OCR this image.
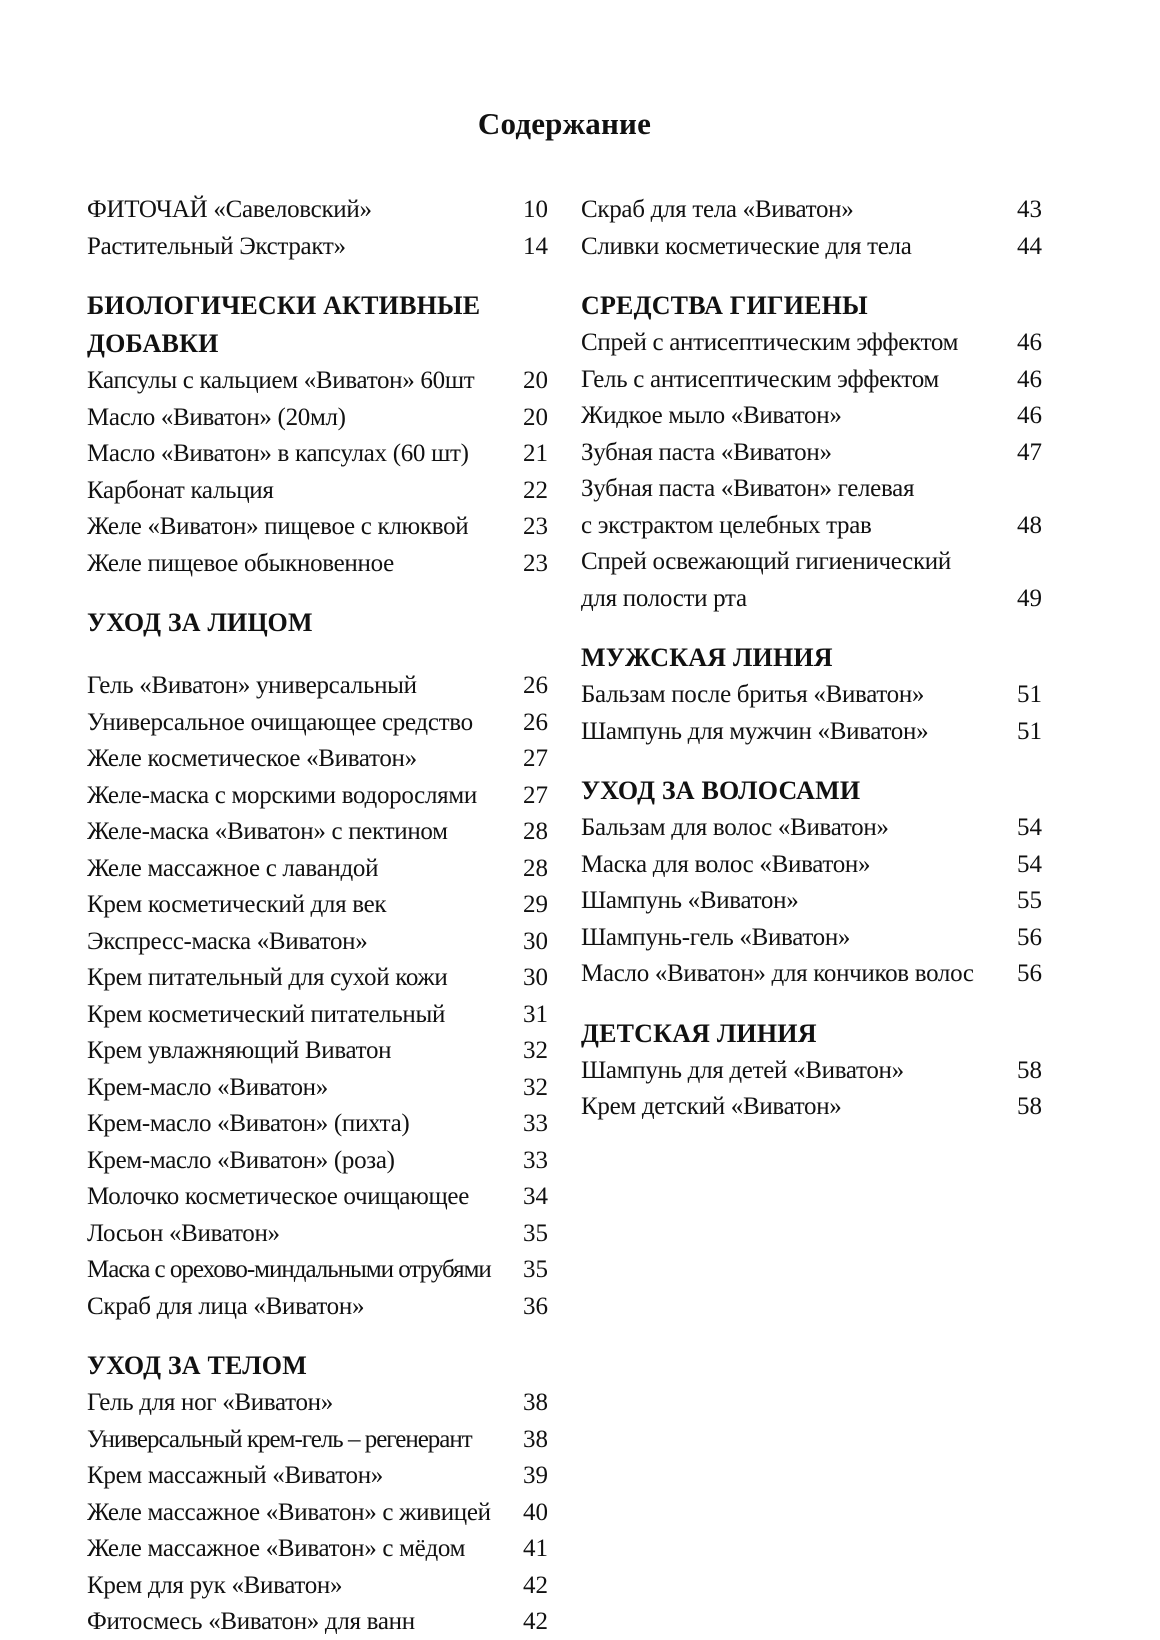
Содержание
ФИТОЧАЙ «Савеловский»	10
Растительный Экстракт»	14
БИОЛОГИЧЕСКИ АКТИВНЫЕ
ДОБАВКИ
Капсулы с кальцием «Виватон» 60шт	20
Масло «Виватон» (20мл)	20
Масло «Виватон» в капсулах (60 шт)	21
Карбонат кальция	22
Желе «Виватон» пищевое с клюквой	23
Желе пищевое обыкновенное	23
УХОД ЗА ЛИЦОМ
Гель «Виватон» универсальный	26
Универсальное очищающее средство	26
Желе косметическое «Виватон»	27
Желе-маска с морскими водорослями	27
Желе-маска «Виватон» с пектином	28
Желе массажное с лавандой	28
Крем косметический для век	29
Экспресс-маска «Виватон»	30
Крем питательный для сухой кожи	30
Крем косметический питательный	31
Крем увлажняющий Виватон	32
Крем-масло «Виватон»	32
Крем-масло «Виватон» (пихта)	33
Крем-масло «Виватон» (роза)	33
Молочко косметическое очищающее	34
Лосьон «Виватон»	35
Маска с орехово-миндальными отрубями	35
Скраб для лица «Виватон»	36
УХОД ЗА ТЕЛОМ
Гель для ног «Виватон»	38
Универсальный крем-гель – регенерант	38
Крем массажный «Виватон»	39
Желе массажное «Виватон» с живицей	40
Желе массажное «Виватон» с мёдом	41
Крем для рук «Виватон»	42
Фитосмесь «Виватон» для ванн	42
Скраб для тела «Виватон»	43
Сливки косметические для тела	44
СРЕДСТВА ГИГИЕНЫ
Спрей с антисептическим эффектом	46
Гель с антисептическим эффектом	46
Жидкое мыло «Виватон»	46
Зубная паста «Виватон»	47
Зубная паста «Виватон» гелевая
с экстрактом целебных трав	48
Спрей освежающий гигиенический
для полости рта	49
МУЖСКАЯ ЛИНИЯ
Бальзам после бритья «Виватон»	51
Шампунь для мужчин «Виватон»	51
УХОД ЗА ВОЛОСАМИ
Бальзам для волос «Виватон»	54
Маска для волос «Виватон»	54
Шампунь «Виватон»	55
Шампунь-гель «Виватон»	56
Масло «Виватон» для кончиков волос	56
ДЕТСКАЯ ЛИНИЯ
Шампунь для детей «Виватон»	58
Крем детский «Виватон»	58
